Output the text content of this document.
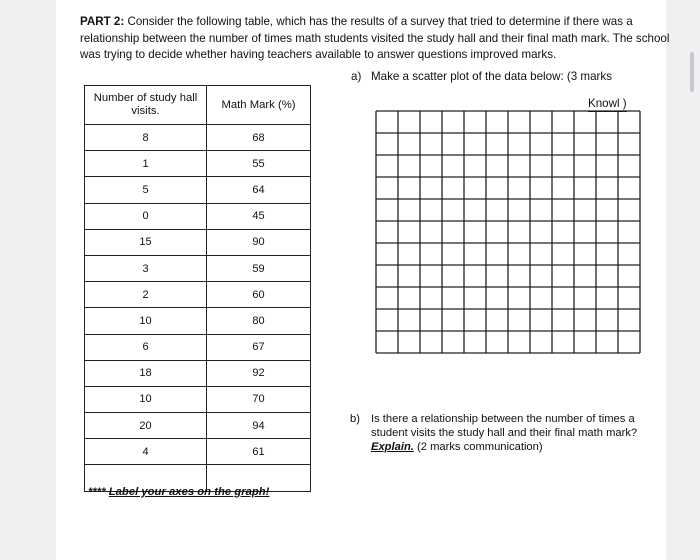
PART 2: Consider the following table, which has the results of a survey that tried to determine if there was a relationship between the number of times math students visited the study hall and their final math mark. The school was trying to decide whether having teachers available to answer questions improved marks.
a) Make a scatter plot of the data below: (3 marks
Knowl )
Number of study hall visits.	Math Mark (%)
8	68
1	55
5	64
0	45
15	90
3	59
2	60
10	80
6	67
18	92
10	70
20	94
4	61

**** Label your axes on the graph!
b) Is there a relationship between the number of times a student visits the study hall and their final math mark? Explain. (2 marks communication)
